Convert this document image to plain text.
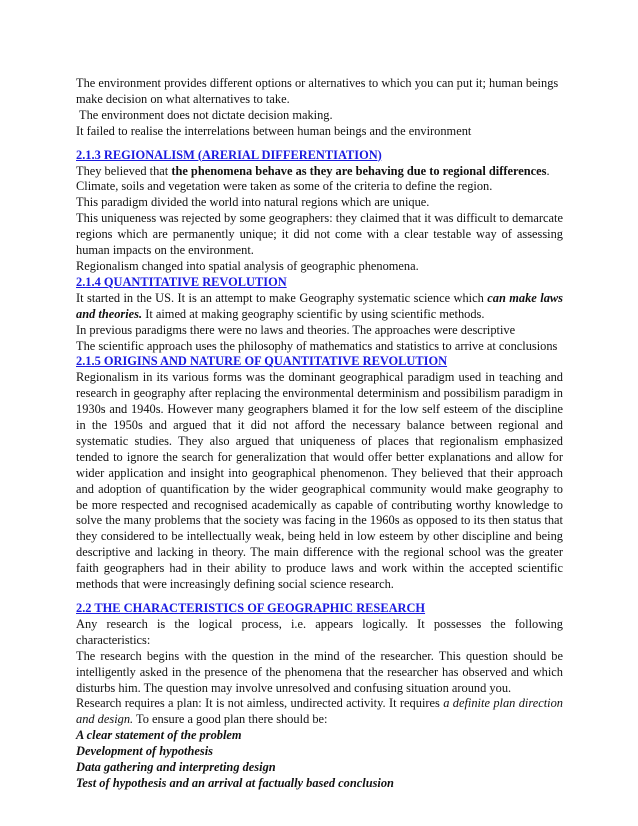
The environment provides different options or alternatives to which you can put it; human beings make decision on what alternatives to take.

The environment does not dictate decision making.

It failed to realise the interrelations between human beings and the environment

2.1.3 REGIONALISM (ARERIAL DIFFERENTIATION)

They believed that the phenomena behave as they are behaving due to regional differences.

Climate, soils and vegetation were taken as some of the criteria to define the region.

This paradigm divided the world into natural regions which are unique.

This uniqueness was rejected by some geographers: they claimed that it was difficult to demarcate regions which are permanently unique; it did not come with a clear testable way of assessing human impacts on the environment.

Regionalism changed into spatial analysis of geographic phenomena.

2.1.4 QUANTITATIVE REVOLUTION

It started in the US. It is an attempt to make Geography systematic science which can make laws and theories. It aimed at making geography scientific by using scientific methods.

In previous paradigms there were no laws and theories. The approaches were descriptive

The scientific approach uses the philosophy of mathematics and statistics to arrive at conclusions

2.1.5 ORIGINS AND NATURE OF QUANTITATIVE REVOLUTION

Regionalism in its various forms was the dominant geographical paradigm used in teaching and research in geography after replacing the environmental determinism and possibilism paradigm in 1930s and 1940s. However many geographers blamed it for the low self esteem of the discipline in the 1950s and argued that it did not afford the necessary balance between regional and systematic studies. They also argued that uniqueness of places that regionalism emphasized tended to ignore the search for generalization that would offer better explanations and allow for wider application and insight into geographical phenomenon. They believed that their approach and adoption of quantification by the wider geographical community would make geography to be more respected and recognised academically as capable of contributing worthy knowledge to solve the many problems that the society was facing in the 1960s as opposed to its then status that they considered to be intellectually weak, being held in low esteem by other discipline and being descriptive and lacking in theory. The main difference with the regional school was the greater faith geographers had in their ability to produce laws and work within the accepted scientific methods that were increasingly defining social science research.

2.2 THE CHARACTERISTICS OF GEOGRAPHIC RESEARCH

Any research is the logical process, i.e. appears logically. It possesses the following characteristics:

The research begins with the question in the mind of the researcher. This question should be intelligently asked in the presence of the phenomena that the researcher has observed and which disturbs him. The question may involve unresolved and confusing situation around you.

Research requires a plan: It is not aimless, undirected activity. It requires a definite plan direction and design. To ensure a good plan there should be:

A clear statement of the problem

Development of hypothesis

Data gathering and interpreting design

Test of hypothesis and an arrival at factually based conclusion
